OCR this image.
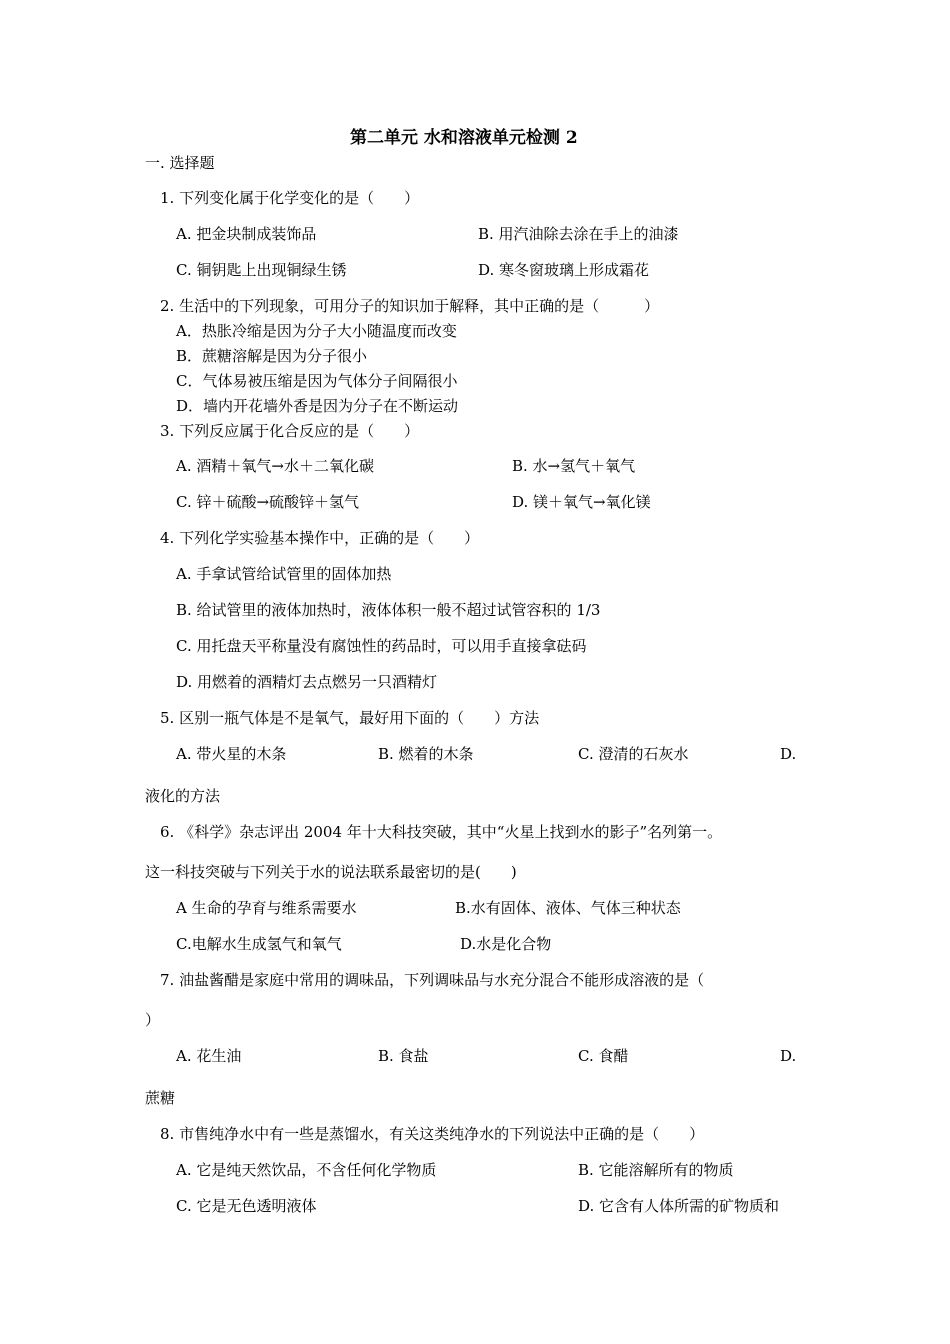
第二单元 水和溶液单元检测 2
一. 选择题
1. 下列变化属于化学变化的是（　　）
A. 把金块制成装饰品	B. 用汽油除去涂在手上的油漆
C. 铜钥匙上出现铜绿生锈	D. 寒冬窗玻璃上形成霜花
2. 生活中的下列现象，可用分子的知识加于解释，其中正确的是（　　　）
A．热胀冷缩是因为分子大小随温度而改变
B．蔗糖溶解是因为分子很小
C．气体易被压缩是因为气体分子间隔很小
D．墙内开花墙外香是因为分子在不断运动
3. 下列反应属于化合反应的是（　　）
A. 酒精＋氧气→水＋二氧化碳	B. 水→氢气＋氧气
C. 锌＋硫酸→硫酸锌＋氢气	D. 镁＋氧气→氧化镁
4. 下列化学实验基本操作中，正确的是（　　）
A. 手拿试管给试管里的固体加热
B. 给试管里的液体加热时，液体体积一般不超过试管容积的 1/3
C. 用托盘天平称量没有腐蚀性的药品时，可以用手直接拿砝码
D. 用燃着的酒精灯去点燃另一只酒精灯
5. 区别一瓶气体是不是氧气，最好用下面的（　　）方法
A. 带火星的木条	B. 燃着的木条	C. 澄清的石灰水	D.
液化的方法
6. 《科学》杂志评出 2004 年十大科技突破，其中“火星上找到水的影子”名列第一。
这一科技突破与下列关于水的说法联系最密切的是(　　)
A 生命的孕育与维系需要水	B.水有固体、液体、气体三种状态
C.电解水生成氢气和氧气	D.水是化合物
7. 油盐酱醋是家庭中常用的调味品，下列调味品与水充分混合不能形成溶液的是（
）
A. 花生油	B. 食盐	C. 食醋	D.
蔗糖
8. 市售纯净水中有一些是蒸馏水，有关这类纯净水的下列说法中正确的是（　　）
A. 它是纯天然饮品，不含任何化学物质	B. 它能溶解所有的物质
C. 它是无色透明液体	D. 它含有人体所需的矿物质和
